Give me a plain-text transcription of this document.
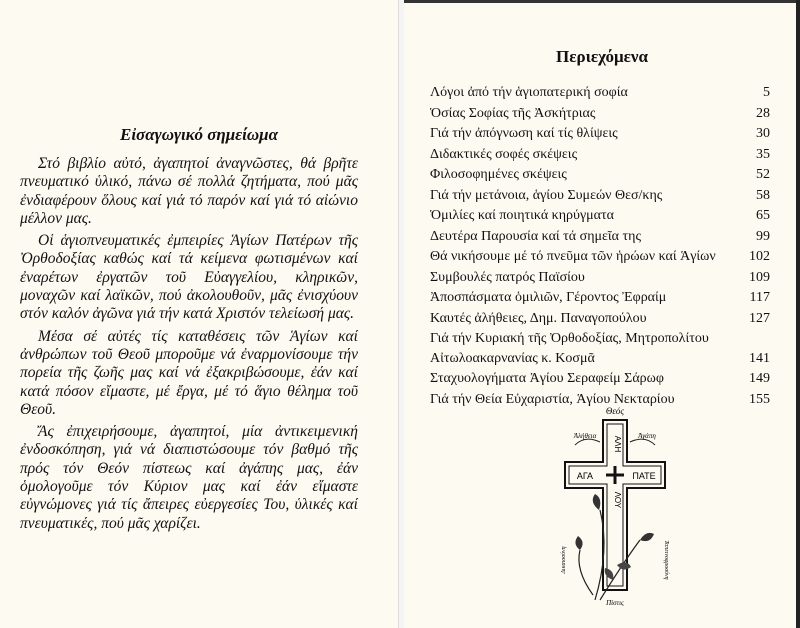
Εἰσαγωγικό σημείωμα

Στό βιβλίο αὐτό, ἀγαπητοί ἀναγνῶστες, θά βρῆτε πνευματικό ὑλικό, πάνω σέ πολλά ζητήματα, πού μᾶς ἐνδιαφέρουν ὅλους καί γιά τό παρόν καί γιά τό αἰώνιο μέλλον μας.

Οἱ ἁγιοπνευματικές ἐμπειρίες Ἁγίων Πατέρων τῆς Ὀρθοδοξίας καθώς καί τά κείμενα φωτισμένων καί ἐναρέτων ἐργατῶν τοῦ Εὐαγγελίου, κληρικῶν, μοναχῶν καί λαϊκῶν, πού ἀκολουθοῦν, μᾶς ἐνισχύουν στόν καλόν ἀγῶνα γιά τήν κατά Χριστόν τελείωσή μας.

Μέσα σέ αὐτές τίς καταθέσεις τῶν Ἁγίων καί ἀνθρώπων τοῦ Θεοῦ μποροῦμε νά ἐναρμονίσουμε τήν πορεία τῆς ζωῆς μας καί νά ἐξακριβώσουμε, ἐάν καί κατά πόσον εἴμαστε, μέ ἔργα, μέ τό ἅγιο θέλημα τοῦ Θεοῦ.

Ἄς ἐπιχειρήσουμε, ἀγαπητοί, μία ἀντικειμενική ἐνδοσκόπηση, γιά νά διαπιστώσουμε τόν βαθμό τῆς πρός τόν Θεόν πίστεως καί ἀγάπης μας, ἐάν ὁμολογοῦμε τόν Κύριον μας καί ἐάν εἴμαστε εὐγνώμονες γιά τίς ἄπειρες εὐεργεσίες Του, ὑλικές καί πνευματικές, πού μᾶς χαρίζει.

Περιεχόμενα
Λόγοι ἀπό τήν ἁγιοπατερική σοφία	5
Ὁσίας Σοφίας τῆς Ἀσκήτριας	28
Γιά τήν ἀπόγνωση καί τίς θλίψεις	30
Διδακτικές σοφές σκέψεις	35
Φιλοσοφημένες σκέψεις	52
Γιά τήν μετάνοια, ἁγίου Συμεών Θεσ/κης	58
Ὁμιλίες καί ποιητικά κηρύγματα	65
Δευτέρα Παρουσία καί τά σημεῖα της	99
Θά νικήσουμε μέ τό πνεῦμα τῶν ἡρώων καί Ἁγίων	102
Συμβουλές πατρός Παϊσίου	109
Ἀποσπάσματα ὁμιλιῶν, Γέροντος Ἐφραίμ	117
Καυτές ἀλήθειες, Δημ. Παναγοπούλου	127
Γιά τήν Κυριακή τῆς Ὀρθοδοξίας, Μητροπολίτου Αἰτωλοακαρνανίας κ. Κοσμᾶ	141
Σταχυολογήματα Ἁγίου Σεραφείμ Σάρωφ	149
Γιά τήν Θεία Εὐχαριστία, Ἁγίου Νεκταρίου	155
Θεός
Ἀλήθεια	Ἀγάπη
ΑΓΑ	ΠΑΤΕ
ΑΛΗ
ΛΟΥ
Δικαιοσύνη	Ταπεινοφροσύνη
Πίστις
